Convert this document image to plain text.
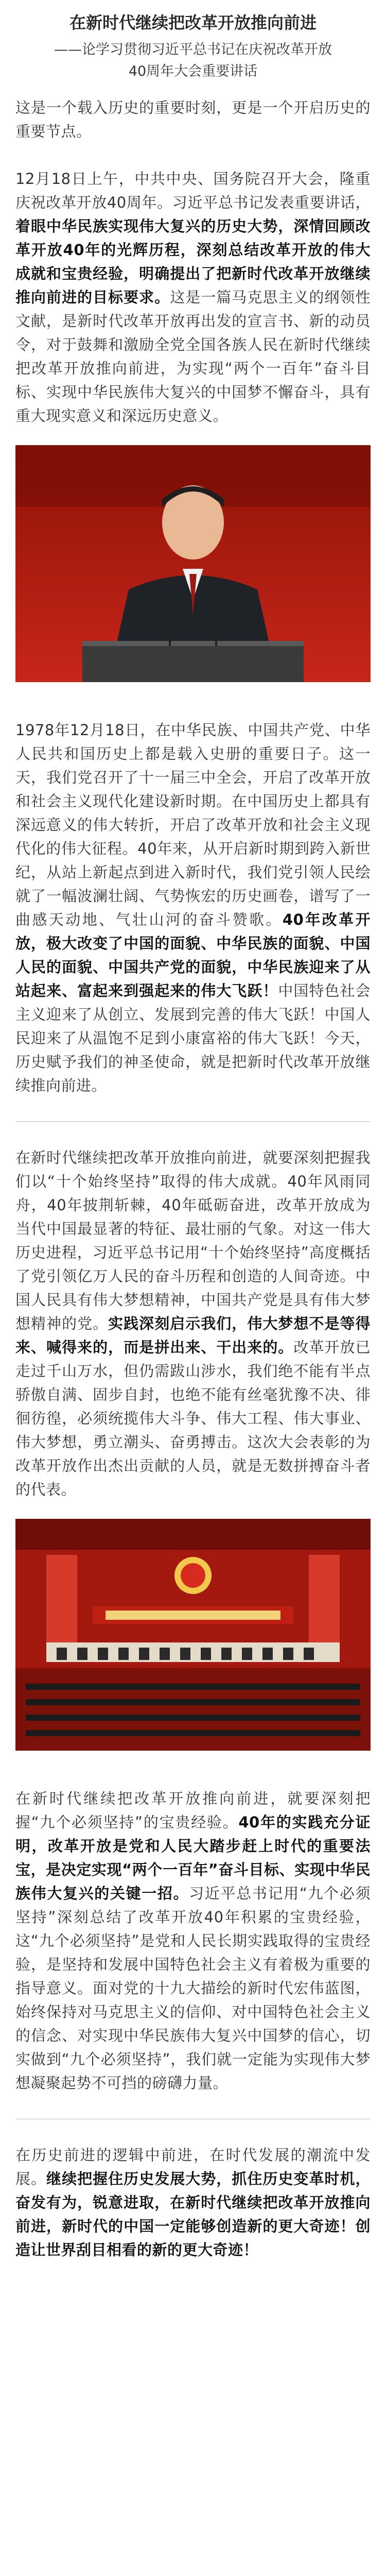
在新时代继续把改革开放推向前进

——论学习贯彻习近平总书记在庆祝改革开放

40周年大会重要讲话

这是一个载入历史的重要时刻，更是一个开启历史的重要节点。

12月18日上午，中共中央、国务院召开大会，隆重庆祝改革开放40周年。习近平总书记发表重要讲话，着眼中华民族实现伟大复兴的历史大势，深情回顾改革开放40年的光辉历程，深刻总结改革开放的伟大成就和宝贵经验，明确提出了把新时代改革开放继续推向前进的目标要求。这是一篇马克思主义的纲领性文献，是新时代改革开放再出发的宣言书、新的动员令，对于鼓舞和激励全党全国各族人民在新时代继续把改革开放推向前进，为实现“两个一百年”奋斗目标、实现中华民族伟大复兴的中国梦不懈奋斗，具有重大现实意义和深远历史意义。

1978年12月18日，在中华民族、中国共产党、中华人民共和国历史上都是载入史册的重要日子。这一天，我们党召开了十一届三中全会，开启了改革开放和社会主义现代化建设新时期。在中国历史上都具有深远意义的伟大转折，开启了改革开放和社会主义现代化的伟大征程。40年来，从开启新时期到跨入新世纪，从站上新起点到进入新时代，我们党引领人民绘就了一幅波澜壮阔、气势恢宏的历史画卷，谱写了一曲感天动地、气壮山河的奋斗赞歌。40年改革开放，极大改变了中国的面貌、中华民族的面貌、中国人民的面貌、中国共产党的面貌，中华民族迎来了从站起来、富起来到强起来的伟大飞跃！中国特色社会主义迎来了从创立、发展到完善的伟大飞跃！中国人民迎来了从温饱不足到小康富裕的伟大飞跃！今天，历史赋予我们的神圣使命，就是把新时代改革开放继续推向前进。

在新时代继续把改革开放推向前进，就要深刻把握我们以“十个始终坚持”取得的伟大成就。40年风雨同舟，40年披荆斩棘，40年砥砺奋进，改革开放成为当代中国最显著的特征、最壮丽的气象。对这一伟大历史进程，习近平总书记用“十个始终坚持”高度概括了党引领亿万人民的奋斗历程和创造的人间奇迹。中国人民具有伟大梦想精神，中国共产党是具有伟大梦想精神的党。实践深刻启示我们，伟大梦想不是等得来、喊得来的，而是拼出来、干出来的。改革开放已走过千山万水，但仍需跋山涉水，我们绝不能有半点骄傲自满、固步自封，也绝不能有丝毫犹豫不决、徘徊彷徨，必须统揽伟大斗争、伟大工程、伟大事业、伟大梦想，勇立潮头、奋勇搏击。这次大会表彰的为改革开放作出杰出贡献的人员，就是无数拼搏奋斗者的代表。

在新时代继续把改革开放推向前进，就要深刻把握“九个必须坚持”的宝贵经验。40年的实践充分证明，改革开放是党和人民大踏步赶上时代的重要法宝，是决定实现“两个一百年”奋斗目标、实现中华民族伟大复兴的关键一招。习近平总书记用“九个必须坚持”深刻总结了改革开放40年积累的宝贵经验，这“九个必须坚持”是党和人民长期实践取得的宝贵经验，是坚持和发展中国特色社会主义有着极为重要的指导意义。面对党的十九大描绘的新时代宏伟蓝图，始终保持对马克思主义的信仰、对中国特色社会主义的信念、对实现中华民族伟大复兴中国梦的信心，切实做到“九个必须坚持”，我们就一定能为实现伟大梦想凝聚起势不可挡的磅礴力量。

在历史前进的逻辑中前进，在时代发展的潮流中发展。继续把握住历史发展大势，抓住历史变革时机，奋发有为，锐意进取，在新时代继续把改革开放推向前进，新时代的中国一定能够创造新的更大奇迹！创造让世界刮目相看的新的更大奇迹！
